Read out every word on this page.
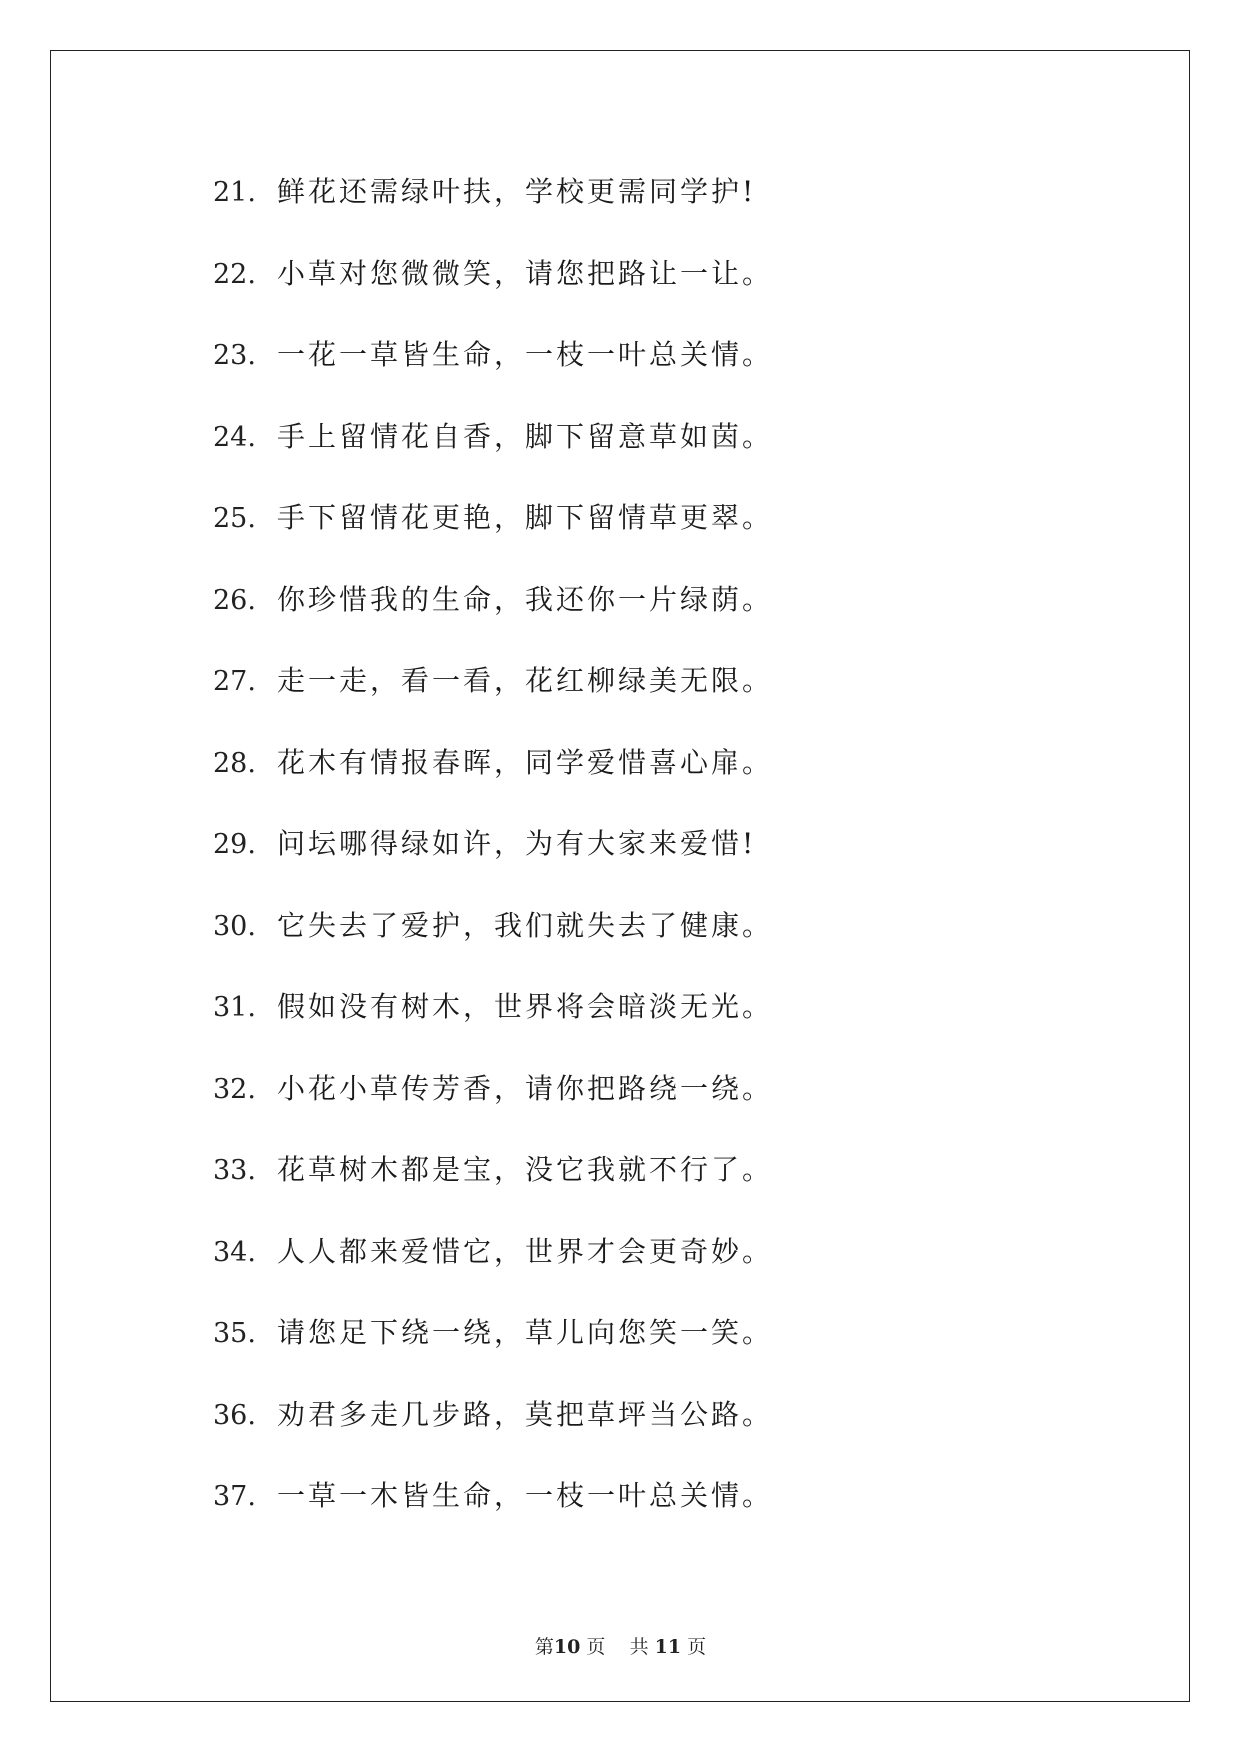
21. 鲜花还需绿叶扶，学校更需同学护!
22. 小草对您微微笑，请您把路让一让。
23. 一花一草皆生命，一枝一叶总关情。
24. 手上留情花自香，脚下留意草如茵。
25. 手下留情花更艳，脚下留情草更翠。
26. 你珍惜我的生命，我还你一片绿荫。
27. 走一走，看一看，花红柳绿美无限。
28. 花木有情报春晖，同学爱惜喜心扉。
29. 问坛哪得绿如许，为有大家来爱惜!
30. 它失去了爱护，我们就失去了健康。
31. 假如没有树木，世界将会暗淡无光。
32. 小花小草传芳香，请你把路绕一绕。
33. 花草树木都是宝，没它我就不行了。
34. 人人都来爱惜它，世界才会更奇妙。
35. 请您足下绕一绕，草儿向您笑一笑。
36. 劝君多走几步路，莫把草坪当公路。
37. 一草一木皆生命，一枝一叶总关情。
第10 页 共 11 页
